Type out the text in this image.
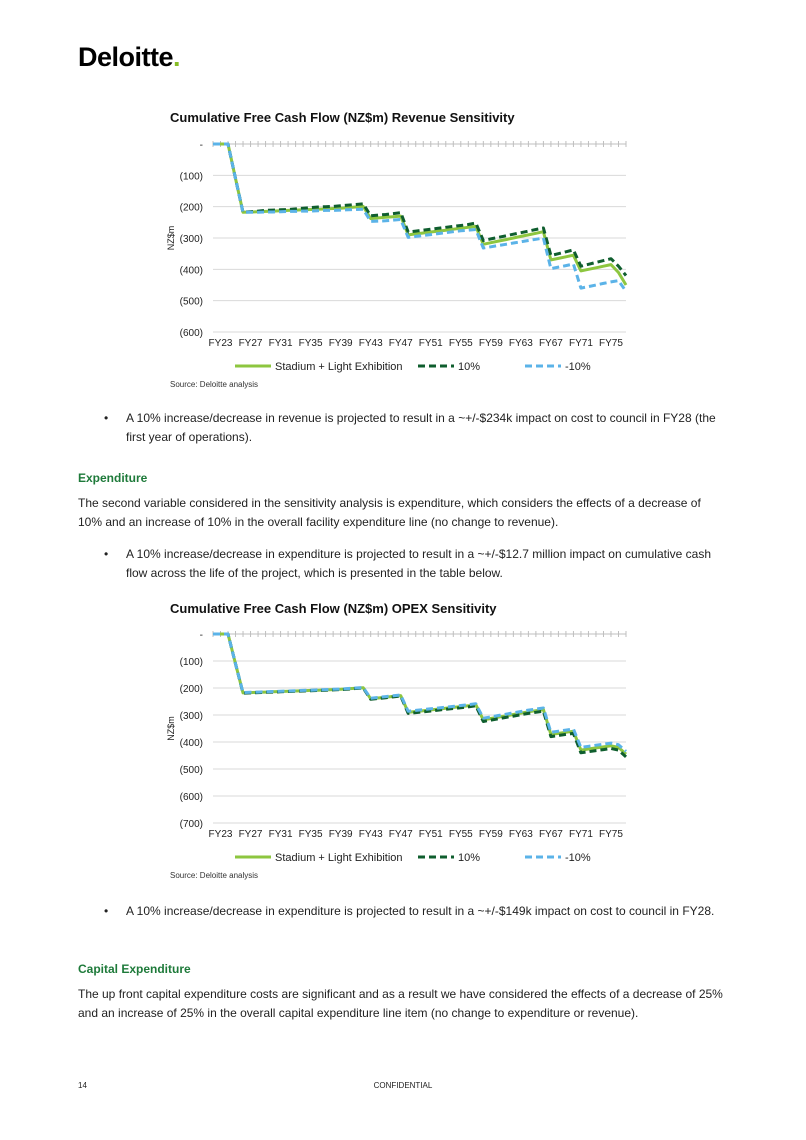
Deloitte.
Cumulative Free Cash Flow (NZ$m) Revenue Sensitivity
-
(100)
(200)
(300)
(400)
(500)
(600)
FY23 FY27 FY31 FY35 FY39 FY43 FY47 FY51 FY55 FY59 FY63 FY67 FY71 FY75
NZ$m
Stadium + Light Exhibition	10%	-10%
Source: Deloitte analysis
• A 10% increase/decrease in revenue is projected to result in a ~+/-$234k impact on cost to council in FY28 (the first year of operations).
Expenditure
The second variable considered in the sensitivity analysis is expenditure, which considers the effects of a decrease of 10% and an increase of 10% in the overall facility expenditure line (no change to revenue).
• A 10% increase/decrease in expenditure is projected to result in a ~+/-$12.7 million impact on cumulative cash flow across the life of the project, which is presented in the table below.
Cumulative Free Cash Flow (NZ$m) OPEX Sensitivity
-
(100)
(200)
(300)
(400)
(500)
(600)
(700)
FY23 FY27 FY31 FY35 FY39 FY43 FY47 FY51 FY55 FY59 FY63 FY67 FY71 FY75
NZ$m
Stadium + Light Exhibition	10%	-10%
Source: Deloitte analysis
• A 10% increase/decrease in expenditure is projected to result in a ~+/-$149k impact on cost to council in FY28.
Capital Expenditure
The up front capital expenditure costs are significant and as a result we have considered the effects of a decrease of 25% and an increase of 25% in the overall capital expenditure line item (no change to expenditure or revenue).
14	CONFIDENTIAL
